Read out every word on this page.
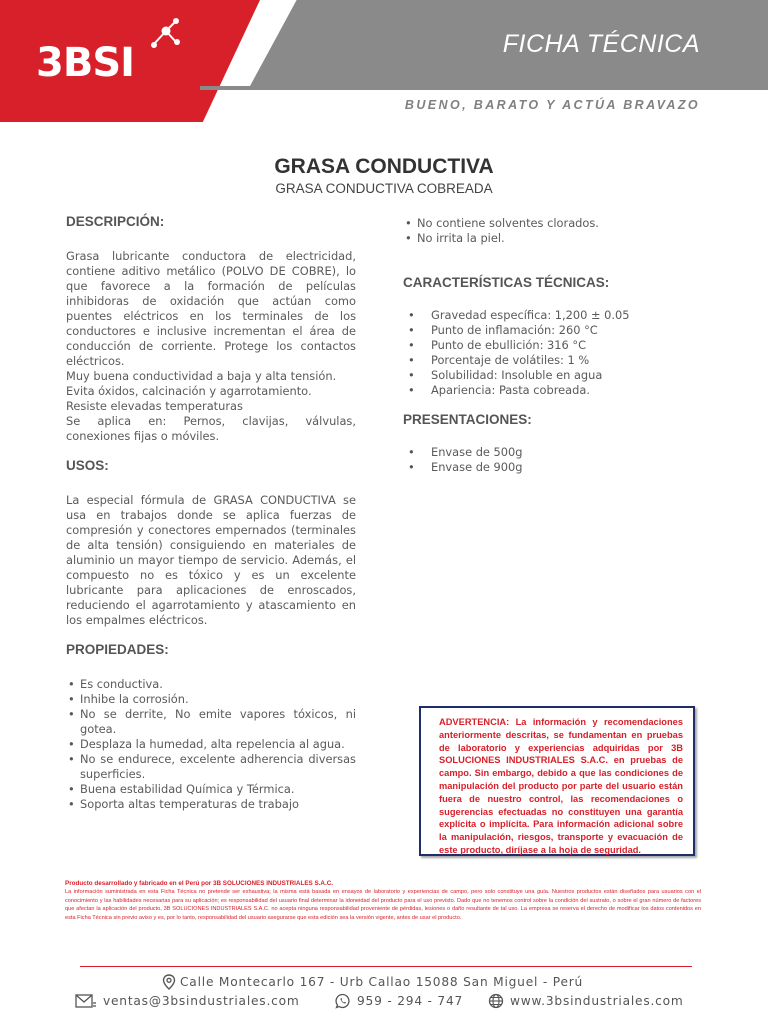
3BSI	FICHA TÉCNICA
BUENO, BARATO Y ACTÚA BRAVAZO
GRASA CONDUCTIVA
GRASA CONDUCTIVA COBREADA
DESCRIPCIÓN:

Grasa lubricante conductora de electricidad, contiene aditivo metálico (POLVO DE COBRE), lo que favorece a la formación de películas inhibidoras de oxidación que actúan como puentes eléctricos en los terminales de los conductores e inclusive incrementan el área de conducción de corriente. Protege los contactos eléctricos.

Muy buena conductividad a baja y alta tensión.

Evita óxidos, calcinación y agarrotamiento.

Resiste elevadas temperaturas

Se aplica en: Pernos, clavijas, válvulas, conexiones fijas o móviles.

USOS:

La especial fórmula de GRASA CONDUCTIVA se usa en trabajos donde se aplica fuerzas de compresión y conectores empernados (terminales de alta tensión) consiguiendo en materiales de aluminio un mayor tiempo de servicio. Además, el compuesto no es tóxico y es un excelente lubricante para aplicaciones de enroscados, reduciendo el agarrotamiento y atascamiento en los empalmes eléctricos.

PROPIEDADES:
• Es conductiva.
• Inhibe la corrosión.
• No se derrite, No emite vapores tóxicos, ni gotea.
• Desplaza la humedad, alta repelencia al agua.
• No se endurece, excelente adherencia diversas superficies.
• Buena estabilidad Química y Térmica.
• Soporta altas temperaturas de trabajo
• No contiene solventes clorados.
• No irrita la piel.
CARACTERÍSTICAS TÉCNICAS:
• Gravedad específica: 1,200 ± 0.05
• Punto de inflamación: 260 °C
• Punto de ebullición: 316 °C
• Porcentaje de volátiles: 1 %
• Solubilidad: Insoluble en agua
• Apariencia: Pasta cobreada.
PRESENTACIONES:
• Envase de 500g
• Envase de 900g

ADVERTENCIA: La información y recomendaciones anteriormente descritas, se fundamentan en pruebas de laboratorio y experiencias adquiridas por 3B SOLUCIONES INDUSTRIALES S.A.C. en pruebas de campo. Sin embargo, debido a que las condiciones de manipulación del producto por parte del usuario están fuera de nuestro control, las recomendaciones o sugerencias efectuadas no constituyen una garantía explícita o implícita. Para información adicional sobre la manipulación, riesgos, transporte y evacuación de este producto, diríjase a la hoja de seguridad.

Producto desarrollado y fabricado en el Perú por 3B SOLUCIONES INDUSTRIALES S.A.C.
La información suministrada en esta Ficha Técnica no pretende ser exhaustiva; la misma está basada en ensayos de laboratorio y experiencias de campo, pero solo constituye una guía. Nuestros productos están diseñados para usuarios con el conocimiento y las habilidades necesarias para su aplicación; es responsabilidad del usuario final determinar la idoneidad del producto para el uso previsto. Dado que no tenemos control sobre la condición del sustrato, o sobre el gran número de factores que afectan la aplicación del producto, 3B SOLUCIONES INDUSTRIALES S.A.C. no acepta ninguna responsabilidad proveniente de pérdidas, lesiones o daño resultante de tal uso. La empresa se reserva el derecho de modificar los datos contenidos en esta Ficha Técnica sin previo aviso y es, por lo tanto, responsabilidad del usuario asegurarse que esta edición sea la versión vigente, antes de usar el producto.
Calle Montecarlo 167 - Urb Callao 15088 San Miguel - Perú
ventas@3bsindustriales.com	959 - 294 - 747	www.3bsindustriales.com
